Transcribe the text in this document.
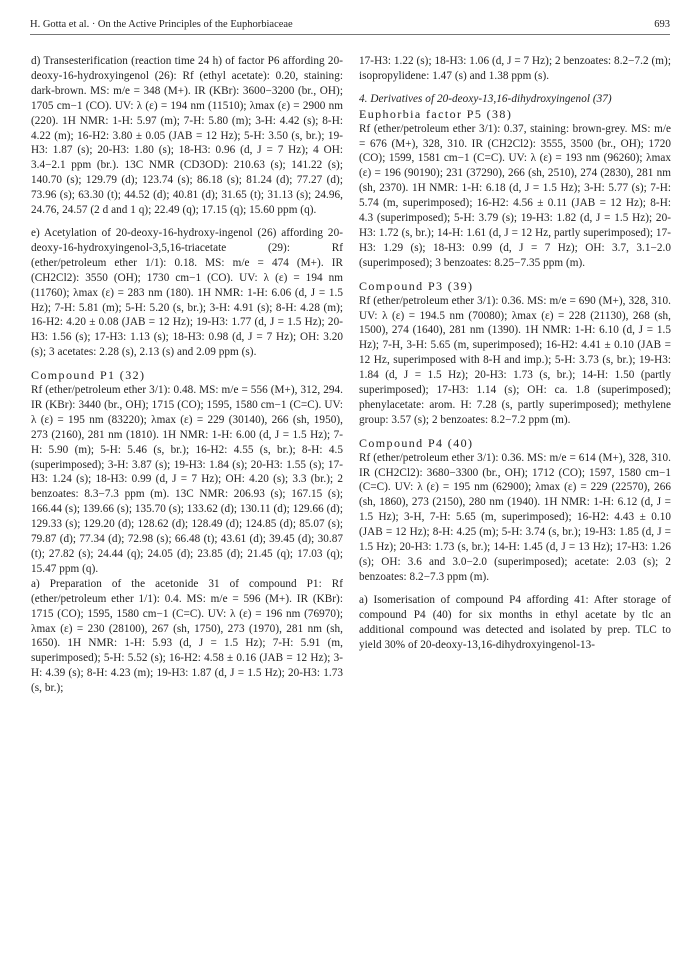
H. Gotta et al. · On the Active Principles of the Euphorbiaceae	693

d) Transesterification (reaction time 24 h) of factor P6 affording 20-deoxy-16-hydroxyingenol (26): Rf (ethyl acetate): 0.20, staining: dark-brown. MS: m/e = 348 (M+). IR (KBr): 3600−3200 (br., OH); 1705 cm−1 (CO). UV: λ (ε) = 194 nm (11510); λmax (ε) = 2900 nm (220). 1H NMR: 1-H: 5.97 (m); 7-H: 5.80 (m); 3-H: 4.42 (s); 8-H: 4.22 (m); 16-H2: 3.80 ± 0.05 (JAB = 12 Hz); 5-H: 3.50 (s, br.); 19-H3: 1.87 (s); 20-H3: 1.80 (s); 18-H3: 0.96 (d, J = 7 Hz); 4 OH: 3.4−2.1 ppm (br.). 13C NMR (CD3OD): 210.63 (s); 141.22 (s); 140.70 (s); 129.79 (d); 123.74 (s); 86.18 (s); 81.24 (d); 77.27 (d); 73.96 (s); 63.30 (t); 44.52 (d); 40.81 (d); 31.65 (t); 31.13 (s); 24.96, 24.76, 24.57 (2 d and 1 q); 22.49 (q); 17.15 (q); 15.60 ppm (q).

e) Acetylation of 20-deoxy-16-hydroxy-ingenol (26) affording 20-deoxy-16-hydroxyingenol-3,5,16-triacetate (29): Rf (ether/petroleum ether 1/1): 0.18. MS: m/e = 474 (M+). IR (CH2Cl2): 3550 (OH); 1730 cm−1 (CO). UV: λ (ε) = 194 nm (11760); λmax (ε) = 283 nm (180). 1H NMR: 1-H: 6.06 (d, J = 1.5 Hz); 7-H: 5.81 (m); 5-H: 5.20 (s, br.); 3-H: 4.91 (s); 8-H: 4.28 (m); 16-H2: 4.20 ± 0.08 (JAB = 12 Hz); 19-H3: 1.77 (d, J = 1.5 Hz); 20-H3: 1.56 (s); 17-H3: 1.13 (s); 18-H3: 0.98 (d, J = 7 Hz); OH: 3.20 (s); 3 acetates: 2.28 (s), 2.13 (s) and 2.09 ppm (s).

Compound P1 (32)

Rf (ether/petroleum ether 3/1): 0.48. MS: m/e = 556 (M+), 312, 294. IR (KBr): 3440 (br., OH); 1715 (CO); 1595, 1580 cm−1 (C=C). UV: λ (ε) = 195 nm (83220); λmax (ε) = 229 (30140), 266 (sh, 1950), 273 (2160), 281 nm (1810). 1H NMR: 1-H: 6.00 (d, J = 1.5 Hz); 7-H: 5.90 (m); 5-H: 5.46 (s, br.); 16-H2: 4.55 (s, br.); 8-H: 4.5 (superimposed); 3-H: 3.87 (s); 19-H3: 1.84 (s); 20-H3: 1.55 (s); 17-H3: 1.24 (s); 18-H3: 0.99 (d, J = 7 Hz); OH: 4.20 (s); 3.3 (br.); 2 benzoates: 8.3−7.3 ppm (m). 13C NMR: 206.93 (s); 167.15 (s); 166.44 (s); 139.66 (s); 135.70 (s); 133.62 (d); 130.11 (d); 129.66 (d); 129.33 (s); 129.20 (d); 128.62 (d); 128.49 (d); 124.85 (d); 85.07 (s); 79.87 (d); 77.34 (d); 72.98 (s); 66.48 (t); 43.61 (d); 39.45 (d); 30.87 (t); 27.82 (s); 24.44 (q); 24.05 (d); 23.85 (d); 21.45 (q); 17.03 (q); 15.47 ppm (q).

a) Preparation of the acetonide 31 of compound P1: Rf (ether/petroleum ether 1/1): 0.4. MS: m/e = 596 (M+). IR (KBr): 1715 (CO); 1595, 1580 cm−1 (C=C). UV: λ (ε) = 196 nm (76970); λmax (ε) = 230 (28100), 267 (sh, 1750), 273 (1970), 281 nm (sh, 1650). 1H NMR: 1-H: 5.93 (d, J = 1.5 Hz); 7-H: 5.91 (m, superimposed); 5-H: 5.52 (s); 16-H2: 4.58 ± 0.16 (JAB = 12 Hz); 3-H: 4.39 (s); 8-H: 4.23 (m); 19-H3: 1.87 (d, J = 1.5 Hz); 20-H3: 1.73 (s, br.);

17-H3: 1.22 (s); 18-H3: 1.06 (d, J = 7 Hz); 2 benzoates: 8.2−7.2 (m); isopropylidene: 1.47 (s) and 1.38 ppm (s).

4. Derivatives of 20-deoxy-13,16-dihydroxyingenol (37)

Euphorbia factor P5 (38)

Rf (ether/petroleum ether 3/1): 0.37, staining: brown-grey. MS: m/e = 676 (M+), 328, 310. IR (CH2Cl2): 3555, 3500 (br., OH); 1720 (CO); 1599, 1581 cm−1 (C=C). UV: λ (ε) = 193 nm (96260); λmax (ε) = 196 (90190); 231 (37290), 266 (sh, 2510), 274 (2830), 281 nm (sh, 2370). 1H NMR: 1-H: 6.18 (d, J = 1.5 Hz); 3-H: 5.77 (s); 7-H: 5.74 (m, superimposed); 16-H2: 4.56 ± 0.11 (JAB = 12 Hz); 8-H: 4.3 (superimposed); 5-H: 3.79 (s); 19-H3: 1.82 (d, J = 1.5 Hz); 20-H3: 1.72 (s, br.); 14-H: 1.61 (d, J = 12 Hz, partly superimposed); 17-H3: 1.29 (s); 18-H3: 0.99 (d, J = 7 Hz); OH: 3.7, 3.1−2.0 (superimposed); 3 benzoates: 8.25−7.35 ppm (m).

Compound P3 (39)

Rf (ether/petroleum ether 3/1): 0.36. MS: m/e = 690 (M+), 328, 310. UV: λ (ε) = 194.5 nm (70080); λmax (ε) = 228 (21130), 268 (sh, 1500), 274 (1640), 281 nm (1390). 1H NMR: 1-H: 6.10 (d, J = 1.5 Hz); 7-H, 3-H: 5.65 (m, superimposed); 16-H2: 4.41 ± 0.10 (JAB = 12 Hz, superimposed with 8-H and imp.); 5-H: 3.73 (s, br.); 19-H3: 1.84 (d, J = 1.5 Hz); 20-H3: 1.73 (s, br.); 14-H: 1.50 (partly superimposed); 17-H3: 1.14 (s); OH: ca. 1.8 (superimposed); phenylacetate: arom. H: 7.28 (s, partly superimposed); methylene group: 3.57 (s); 2 benzoates: 8.2−7.2 ppm (m).

Compound P4 (40)

Rf (ether/petroleum ether 3/1): 0.36. MS: m/e = 614 (M+), 328, 310. IR (CH2Cl2): 3680−3300 (br., OH); 1712 (CO); 1597, 1580 cm−1 (C=C). UV: λ (ε) = 195 nm (62900); λmax (ε) = 229 (22570), 266 (sh, 1860), 273 (2150), 280 nm (1940). 1H NMR: 1-H: 6.12 (d, J = 1.5 Hz); 3-H, 7-H: 5.65 (m, superimposed); 16-H2: 4.43 ± 0.10 (JAB = 12 Hz); 8-H: 4.25 (m); 5-H: 3.74 (s, br.); 19-H3: 1.85 (d, J = 1.5 Hz); 20-H3: 1.73 (s, br.); 14-H: 1.45 (d, J = 13 Hz); 17-H3: 1.26 (s); OH: 3.6 and 3.0−2.0 (superimposed); acetate: 2.03 (s); 2 benzoates: 8.2−7.3 ppm (m).

a) Isomerisation of compound P4 affording 41: After storage of compound P4 (40) for six months in ethyl acetate by tlc an additional compound was detected and isolated by prep. TLC to yield 30% of 20-deoxy-13,16-dihydroxyingenol-13-
